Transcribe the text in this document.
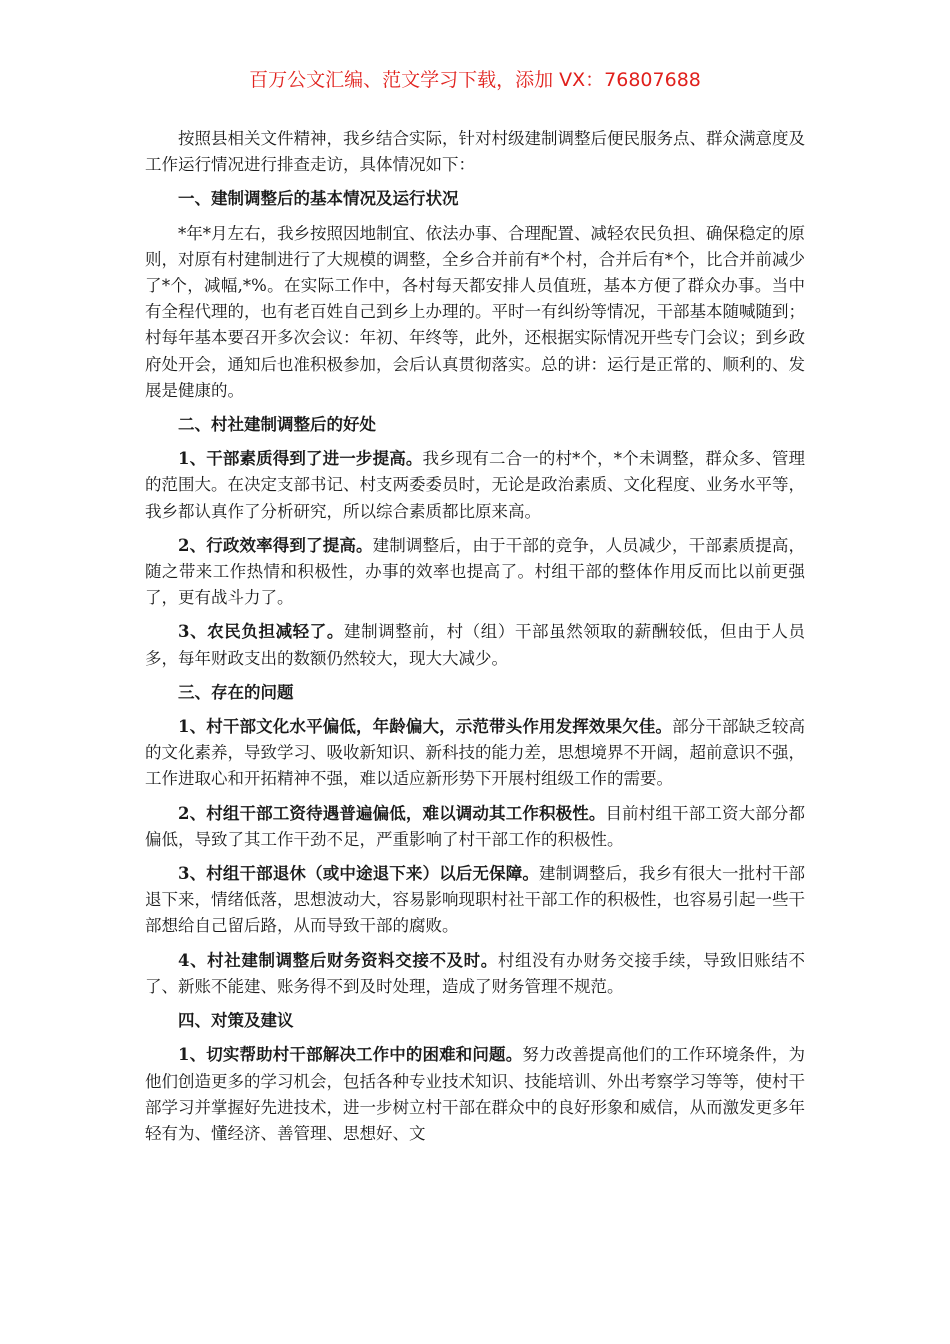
百万公文汇编、范文学习下载，添加 VX：76807688

按照县相关文件精神，我乡结合实际，针对村级建制调整后便民服务点、群众满意度及工作运行情况进行排查走访，具体情况如下：

一、建制调整后的基本情况及运行状况

*年*月左右，我乡按照因地制宜、依法办事、合理配置、减轻农民负担、确保稳定的原则，对原有村建制进行了大规模的调整，全乡合并前有*个村，合并后有*个，比合并前减少了*个，减幅,*%。在实际工作中，各村每天都安排人员值班，基本方便了群众办事。当中有全程代理的，也有老百姓自己到乡上办理的。平时一有纠纷等情况，干部基本随喊随到；村每年基本要召开多次会议：年初、年终等，此外，还根据实际情况开些专门会议；到乡政府处开会，通知后也准积极参加，会后认真贯彻落实。总的讲：运行是正常的、顺利的、发展是健康的。

二、村社建制调整后的好处

1、干部素质得到了进一步提高。我乡现有二合一的村*个，*个未调整，群众多、管理的范围大。在决定支部书记、村支两委委员时，无论是政治素质、文化程度、业务水平等，我乡都认真作了分析研究，所以综合素质都比原来高。

2、行政效率得到了提高。建制调整后，由于干部的竞争，人员减少，干部素质提高，随之带来工作热情和积极性，办事的效率也提高了。村组干部的整体作用反而比以前更强了，更有战斗力了。

3、农民负担减轻了。建制调整前，村（组）干部虽然领取的薪酬较低，但由于人员多，每年财政支出的数额仍然较大，现大大减少。

三、存在的问题

1、村干部文化水平偏低，年龄偏大，示范带头作用发挥效果欠佳。部分干部缺乏较高的文化素养，导致学习、吸收新知识、新科技的能力差，思想境界不开阔，超前意识不强，工作进取心和开拓精神不强，难以适应新形势下开展村组级工作的需要。

2、村组干部工资待遇普遍偏低，难以调动其工作积极性。目前村组干部工资大部分都偏低，导致了其工作干劲不足，严重影响了村干部工作的积极性。

3、村组干部退休（或中途退下来）以后无保障。建制调整后，我乡有很大一批村干部退下来，情绪低落，思想波动大，容易影响现职村社干部工作的积极性，也容易引起一些干部想给自己留后路，从而导致干部的腐败。

4、村社建制调整后财务资料交接不及时。村组没有办财务交接手续，导致旧账结不了、新账不能建、账务得不到及时处理，造成了财务管理不规范。

四、对策及建议

1、切实帮助村干部解决工作中的困难和问题。努力改善提高他们的工作环境条件，为他们创造更多的学习机会，包括各种专业技术知识、技能培训、外出考察学习等等，使村干部学习并掌握好先进技术，进一步树立村干部在群众中的良好形象和威信，从而激发更多年轻有为、懂经济、善管理、思想好、文
